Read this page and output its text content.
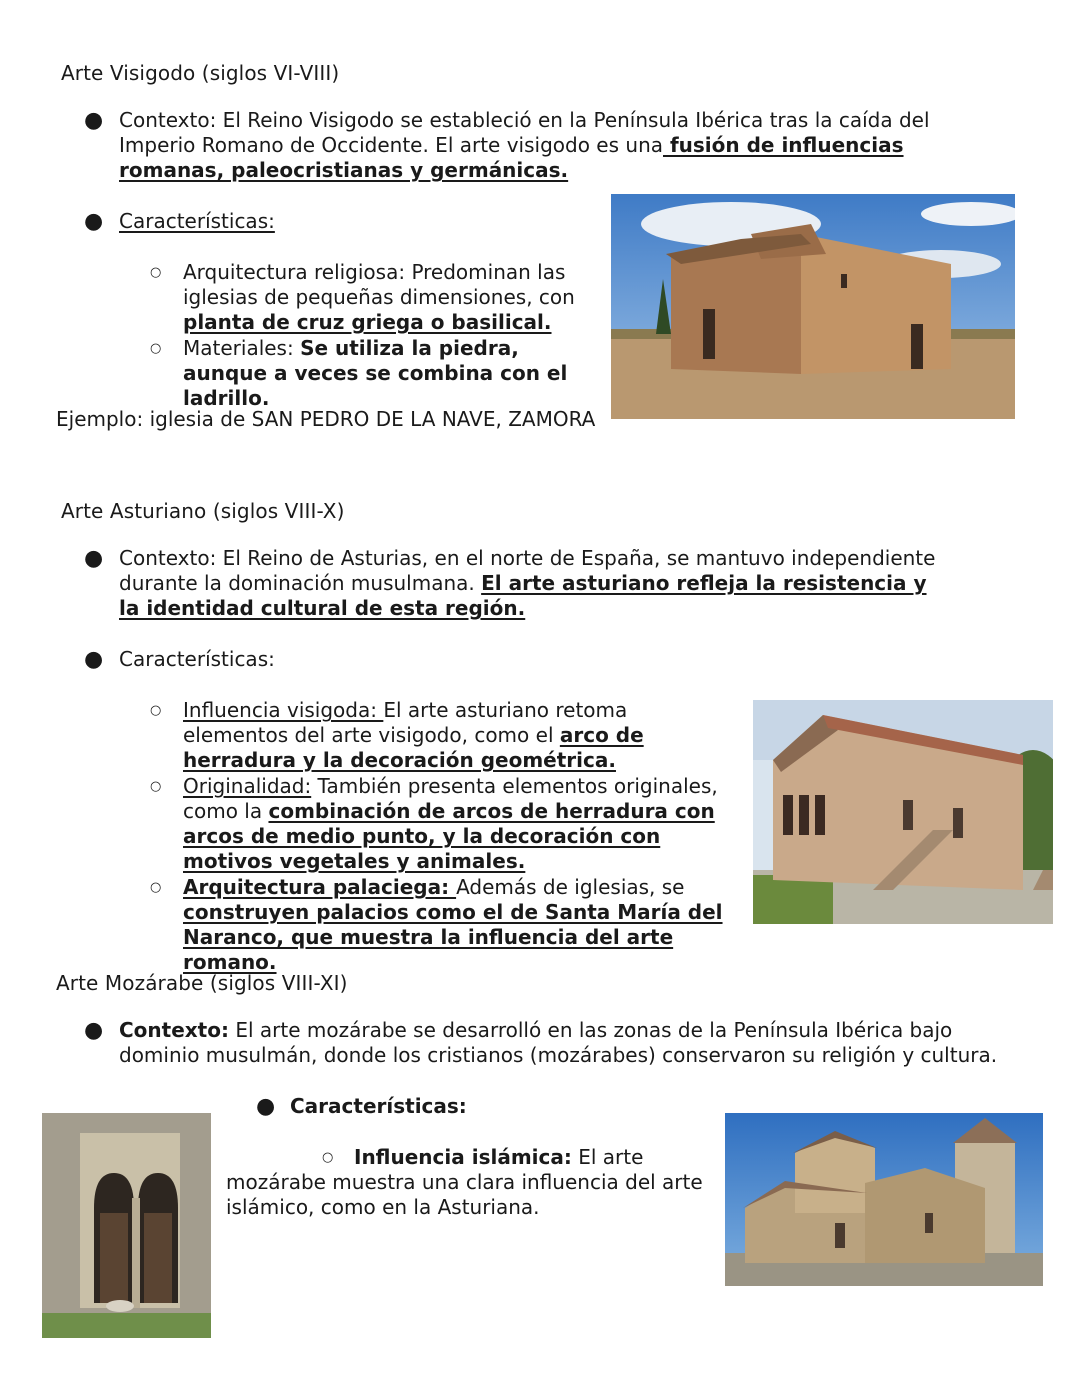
Arte Visigodo (siglos VI-VIII)
● Contexto: El Reino Visigodo se estableció en la Península Ibérica tras la caída del Imperio Romano de Occidente. El arte visigodo es una fusión de influencias romanas, paleocristianas y germánicas.
● Características:
○ Arquitectura religiosa: Predominan las iglesias de pequeñas dimensiones, con planta de cruz griega o basilical.
○ Materiales: Se utiliza la piedra, aunque a veces se combina con el ladrillo.
Ejemplo: iglesia de SAN PEDRO DE LA NAVE, ZAMORA
Arte Asturiano (siglos VIII-X)
● Contexto: El Reino de Asturias, en el norte de España, se mantuvo independiente durante la dominación musulmana. El arte asturiano refleja la resistencia y la identidad cultural de esta región.
● Características:
○ Influencia visigoda: El arte asturiano retoma elementos del arte visigodo, como el arco de herradura y la decoración geométrica.
○ Originalidad: También presenta elementos originales, como la combinación de arcos de herradura con arcos de medio punto, y la decoración con motivos vegetales y animales.
○ Arquitectura palaciega: Además de iglesias, se construyen palacios como el de Santa María del Naranco, que muestra la influencia del arte romano.
Arte Mozárabe (siglos VIII-XI)
● Contexto: El arte mozárabe se desarrolló en las zonas de la Península Ibérica bajo dominio musulmán, donde los cristianos (mozárabes) conservaron su religión y cultura.
● Características:
○ Influencia islámica: El arte
mozárabe muestra una clara influencia del arte islámico, como en la Asturiana.
